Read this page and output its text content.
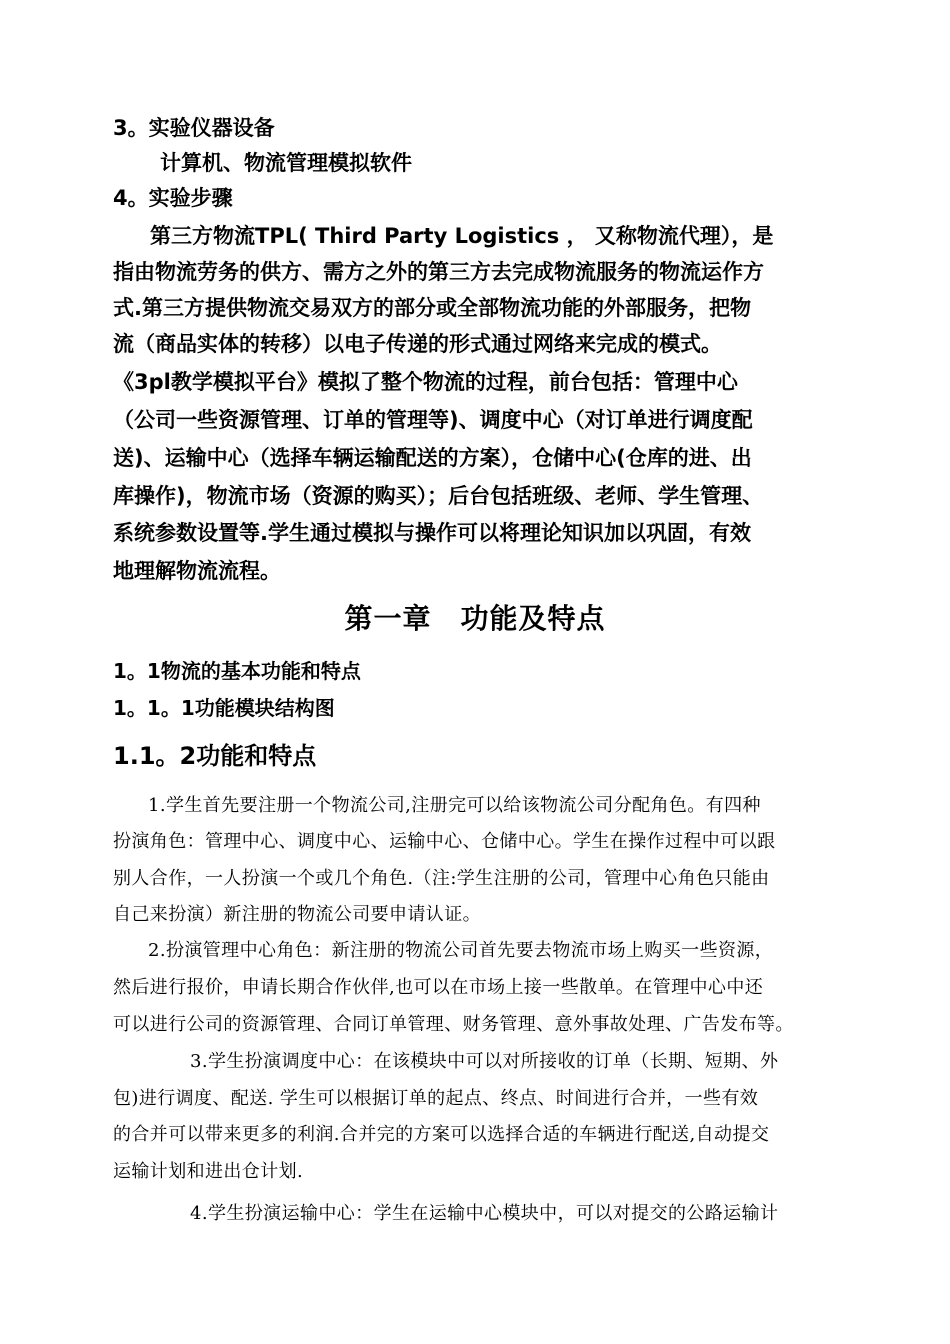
3。实验仪器设备
计算机、物流管理模拟软件
4。实验步骤
第三方物流TPL( Third Party Logistics ， 又称物流代理），是
指由物流劳务的供方、需方之外的第三方去完成物流服务的物流运作方
式.第三方提供物流交易双方的部分或全部物流功能的外部服务，把物
流（商品实体的转移）以电子传递的形式通过网络来完成的模式。
《3pl教学模拟平台》模拟了整个物流的过程，前台包括：管理中心
（公司一些资源管理、订单的管理等)、调度中心（对订单进行调度配
送)、运输中心（选择车辆运输配送的方案），仓储中心(仓库的进、出
库操作)，物流市场（资源的购买）；后台包括班级、老师、学生管理、
系统参数设置等.学生通过模拟与操作可以将理论知识加以巩固，有效
地理解物流流程。
第一章　功能及特点
1。1物流的基本功能和特点
1。1。1功能模块结构图
1.1。2功能和特点
1.学生首先要注册一个物流公司,注册完可以给该物流公司分配角色。有四种
扮演角色：管理中心、调度中心、运输中心、仓储中心。学生在操作过程中可以跟
别人合作，一人扮演一个或几个角色.（注:学生注册的公司，管理中心角色只能由
自己来扮演）新注册的物流公司要申请认证。
2.扮演管理中心角色：新注册的物流公司首先要去物流市场上购买一些资源，
然后进行报价，申请长期合作伙伴,也可以在市场上接一些散单。在管理中心中还
可以进行公司的资源管理、合同订单管理、财务管理、意外事故处理、广告发布等。
3.学生扮演调度中心：在该模块中可以对所接收的订单（长期、短期、外
包)进行调度、配送. 学生可以根据订单的起点、终点、时间进行合并，一些有效
的合并可以带来更多的利润.合并完的方案可以选择合适的车辆进行配送,自动提交
运输计划和进出仓计划.
4.学生扮演运输中心：学生在运输中心模块中，可以对提交的公路运输计
